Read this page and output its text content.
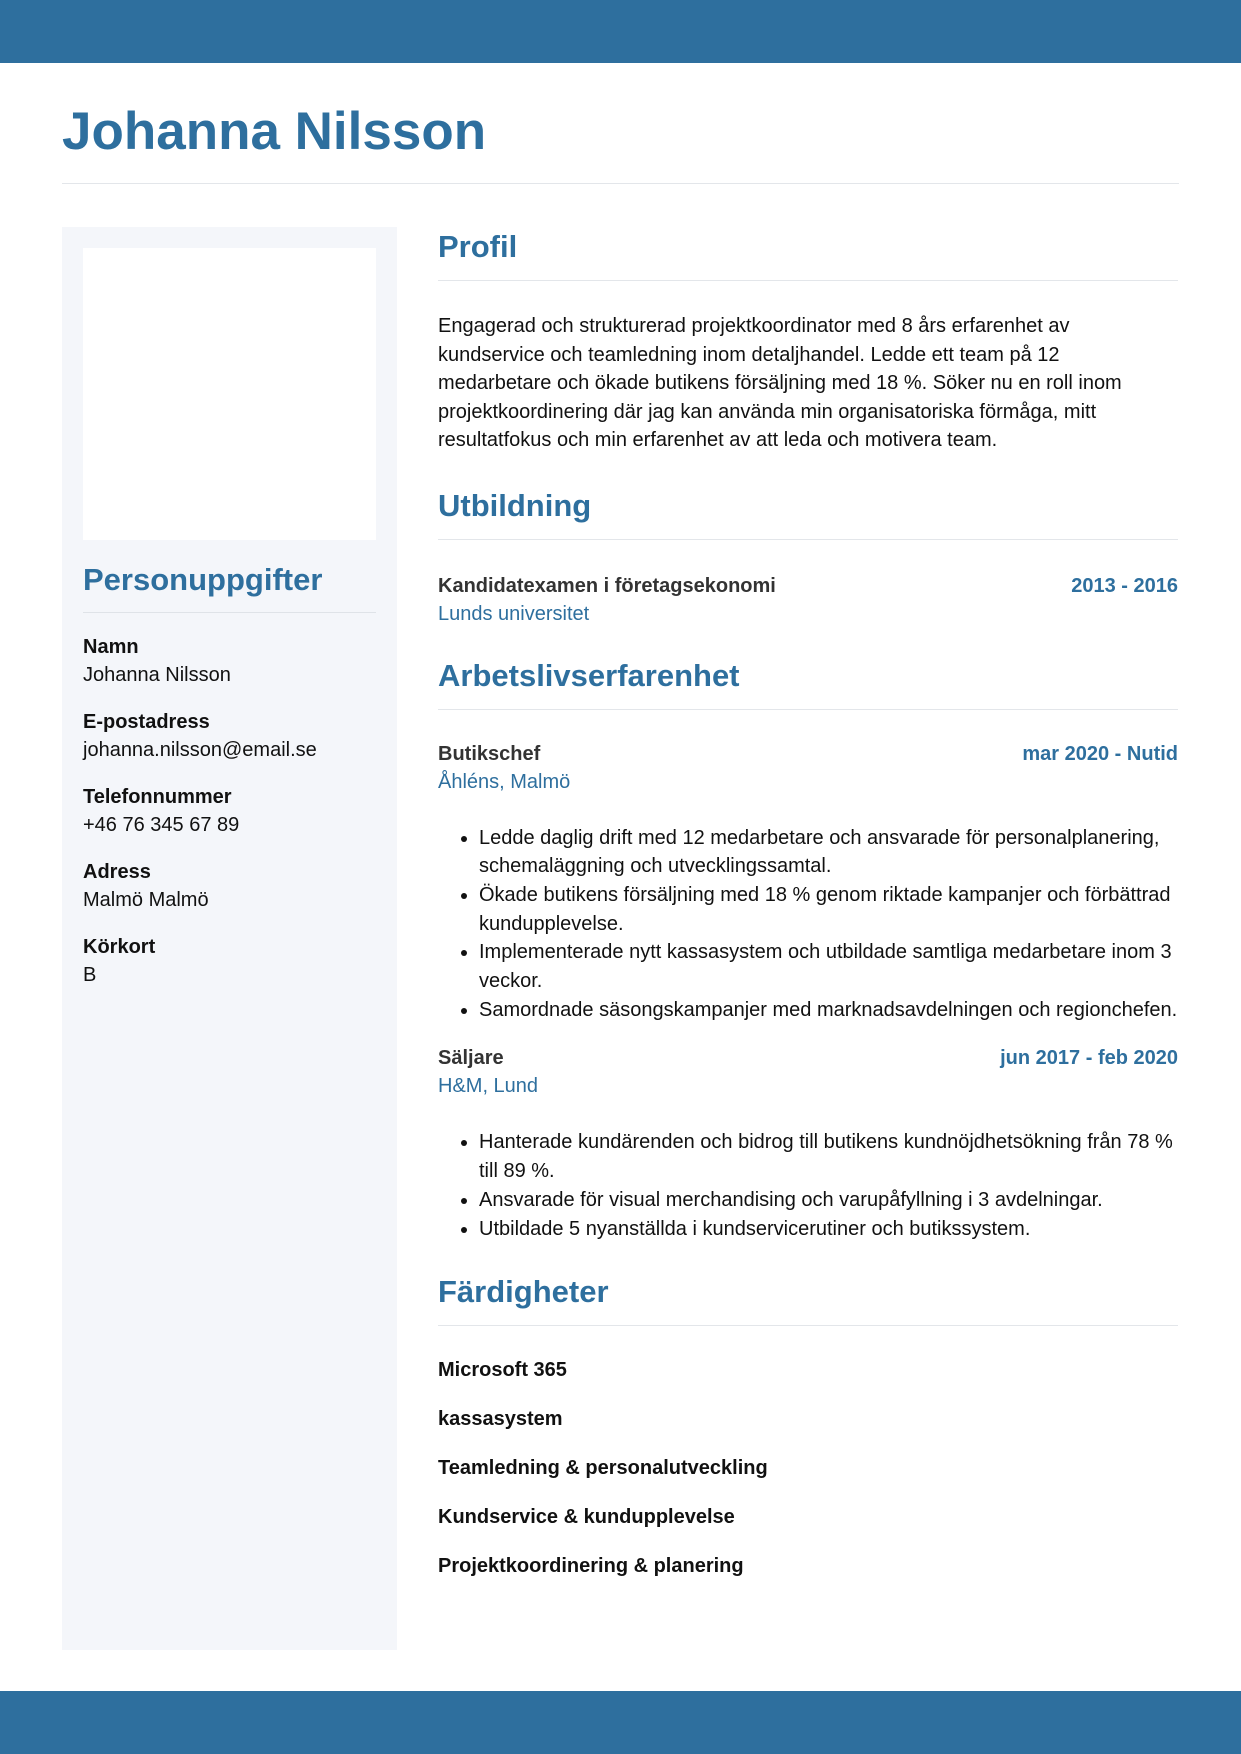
Johanna Nilsson
Personuppgifter
Namn
Johanna Nilsson
E-postadress
johanna.nilsson@email.se
Telefonnummer
+46 76 345 67 89
Adress
Malmö Malmö
Körkort
B
Profil

Engagerad och strukturerad projektkoordinator med 8 års erfarenhet av kundservice och teamledning inom detaljhandel. Ledde ett team på 12 medarbetare och ökade butikens försäljning med 18 %. Söker nu en roll inom projektkoordinering där jag kan använda min organisatoriska förmåga, mitt resultatfokus och min erfarenhet av att leda och motivera team.

Utbildning
Kandidatexamen i företagsekonomi	2013 - 2016
Lunds universitet
Arbetslivserfarenhet
Butikschef	mar 2020 - Nutid
Åhléns, Malmö
• Ledde daglig drift med 12 medarbetare och ansvarade för personalplanering, schemaläggning och utvecklingssamtal.
• Ökade butikens försäljning med 18 % genom riktade kampanjer och förbättrad kundupplevelse.
• Implementerade nytt kassasystem och utbildade samtliga medarbetare inom 3 veckor.
• Samordnade säsongskampanjer med marknadsavdelningen och regionchefen.
Säljare	jun 2017 - feb 2020
H&M, Lund
• Hanterade kundärenden och bidrog till butikens kundnöjdhetsökning från 78 % till 89 %.
• Ansvarade för visual merchandising och varupåfyllning i 3 avdelningar.
• Utbildade 5 nyanställda i kundservicerutiner och butikssystem.
Färdigheter
Microsoft 365
kassasystem
Teamledning & personalutveckling
Kundservice & kundupplevelse
Projektkoordinering & planering
